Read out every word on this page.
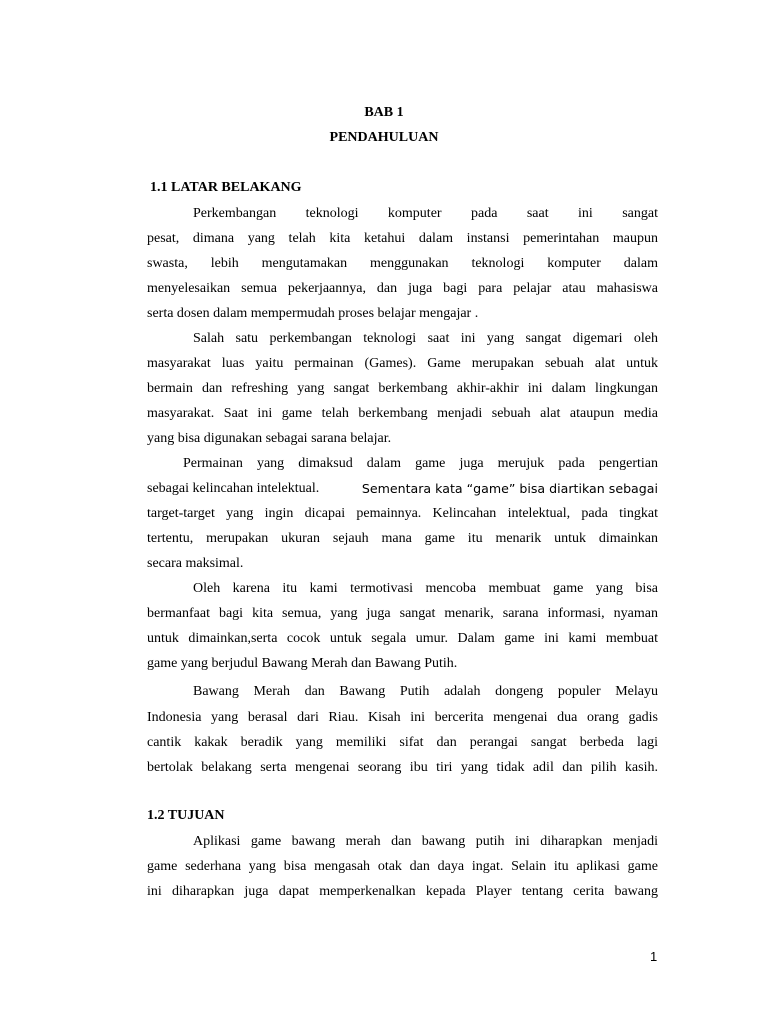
BAB 1
PENDAHULUAN
1.1 LATAR BELAKANG
Perkembangan teknologi komputer pada saat ini sangat
pesat, dimana yang telah kita ketahui dalam instansi pemerintahan maupun
swasta, lebih mengutamakan menggunakan teknologi komputer dalam
menyelesaikan semua pekerjaannya, dan juga bagi para pelajar atau mahasiswa
serta dosen dalam mempermudah proses belajar mengajar .
Salah satu perkembangan teknologi saat ini yang sangat digemari oleh
masyarakat luas yaitu permainan (Games). Game merupakan sebuah alat untuk
bermain dan refreshing yang sangat berkembang akhir-akhir ini dalam lingkungan
masyarakat. Saat ini game telah berkembang menjadi sebuah alat ataupun media
yang bisa digunakan sebagai sarana belajar.
Permainan yang dimaksud dalam game juga merujuk pada pengertian
sebagai kelincahan intelektual.	Sementara kata “game” bisa diartikan sebagai
target-target yang ingin dicapai pemainnya. Kelincahan intelektual, pada tingkat
tertentu, merupakan ukuran sejauh mana game itu menarik untuk dimainkan
secara maksimal.
Oleh karena itu kami termotivasi mencoba membuat game yang bisa
bermanfaat bagi kita semua, yang juga sangat menarik, sarana informasi, nyaman
untuk dimainkan,serta cocok untuk segala umur. Dalam game ini kami membuat
game yang berjudul Bawang Merah dan Bawang Putih.
Bawang Merah dan Bawang Putih adalah dongeng populer Melayu
Indonesia yang berasal dari Riau. Kisah ini bercerita mengenai dua orang gadis
cantik kakak beradik yang memiliki sifat dan perangai sangat berbeda lagi
bertolak belakang serta mengenai seorang ibu tiri yang tidak adil dan pilih kasih.
1.2 TUJUAN
Aplikasi game bawang merah dan bawang putih ini diharapkan menjadi
game sederhana yang bisa mengasah otak dan daya ingat. Selain itu aplikasi game
ini diharapkan juga dapat memperkenalkan kepada Player tentang cerita bawang
1
